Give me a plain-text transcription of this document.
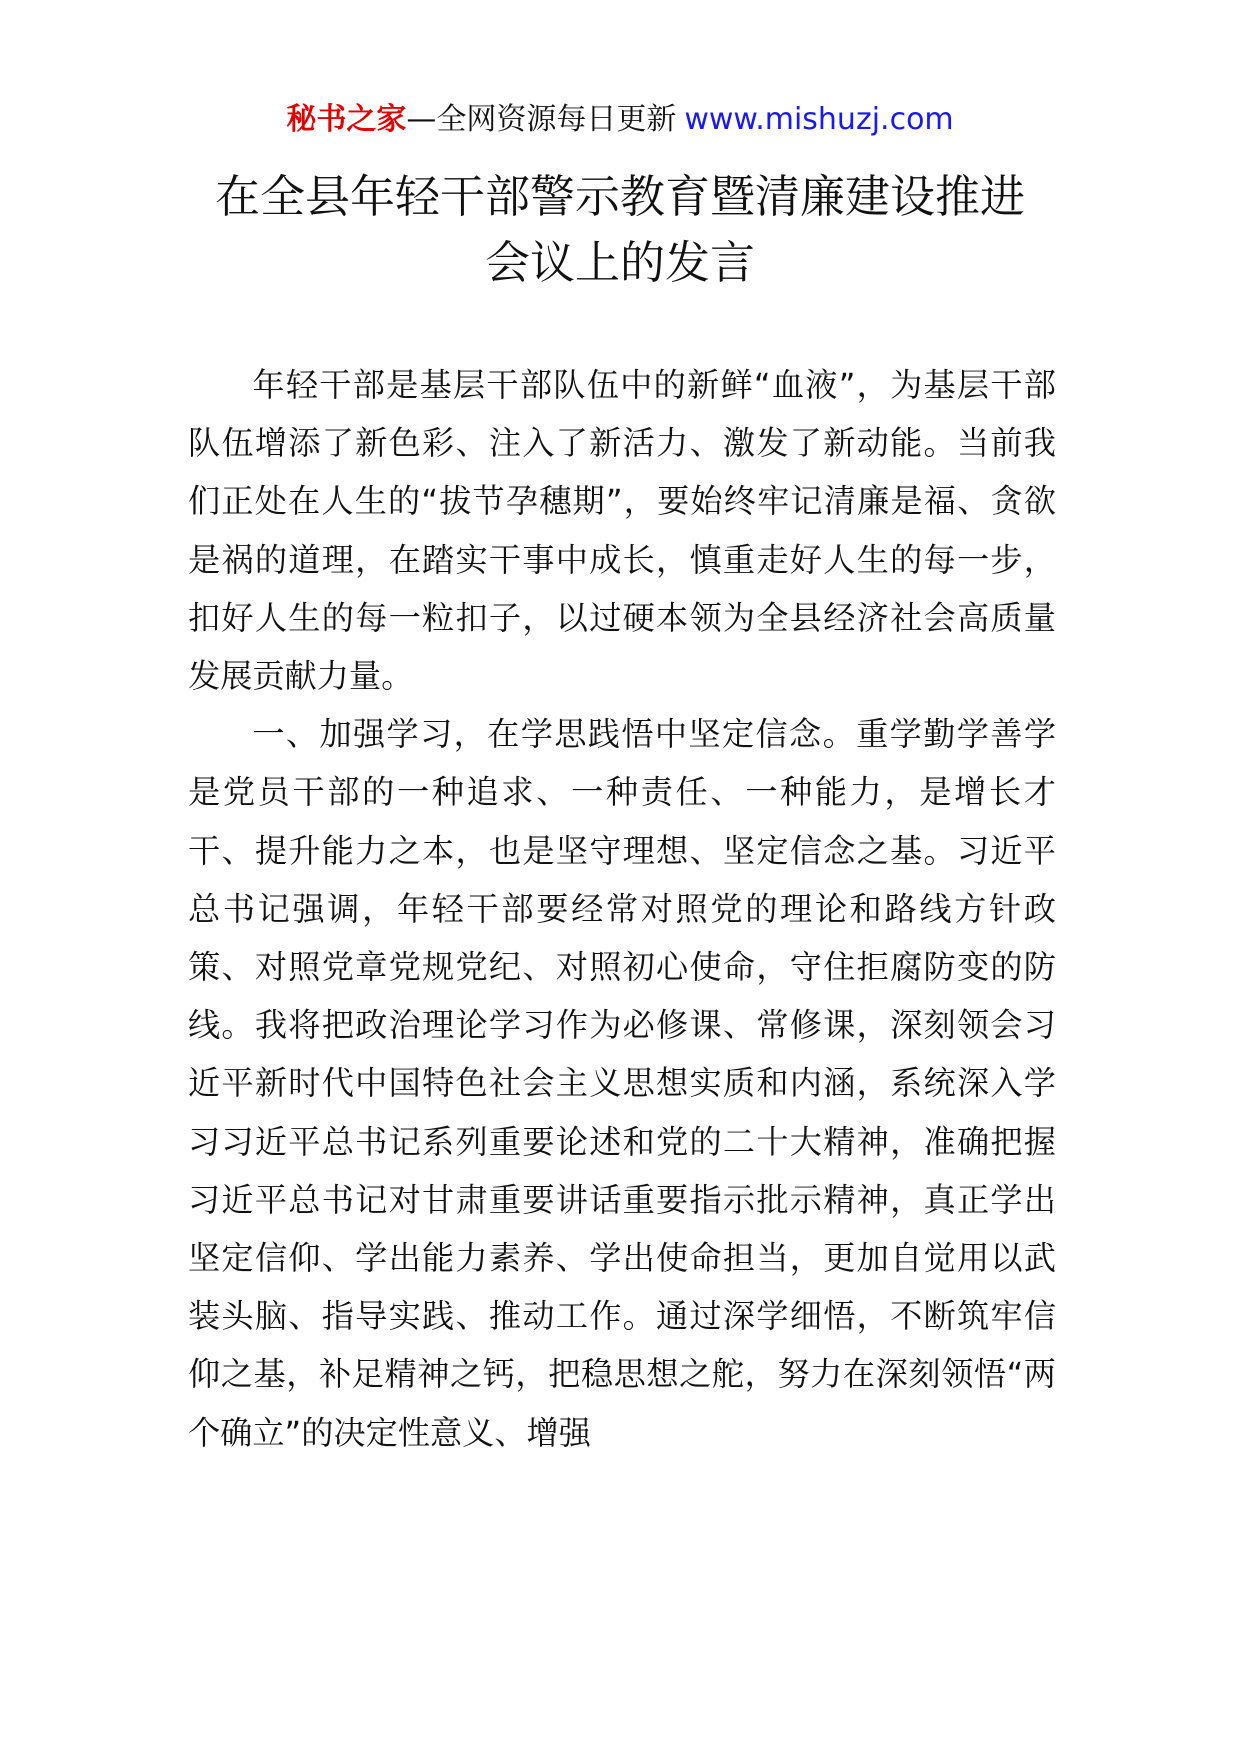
秘书之家—全网资源每日更新 www.mishuzj.com
在全县年轻干部警示教育暨清廉建设推进
会议上的发言

年轻干部是基层干部队伍中的新鲜“血液”，为基层干部队伍增添了新色彩、注入了新活力、激发了新动能。当前我们正处在人生的“拔节孕穗期”，要始终牢记清廉是福、贪欲是祸的道理，在踏实干事中成长，慎重走好人生的每一步，扣好人生的每一粒扣子，以过硬本领为全县经济社会高质量发展贡献力量。

一、加强学习，在学思践悟中坚定信念。重学勤学善学是党员干部的一种追求、一种责任、一种能力，是增长才干、提升能力之本，也是坚守理想、坚定信念之基。习近平总书记强调，年轻干部要经常对照党的理论和路线方针政策、对照党章党规党纪、对照初心使命，守住拒腐防变的防线。我将把政治理论学习作为必修课、常修课，深刻领会习近平新时代中国特色社会主义思想实质和内涵，系统深入学习习近平总书记系列重要论述和党的二十大精神，准确把握习近平总书记对甘肃重要讲话重要指示批示精神，真正学出坚定信仰、学出能力素养、学出使命担当，更加自觉用以武装头脑、指导实践、推动工作。通过深学细悟，不断筑牢信仰之基，补足精神之钙，把稳思想之舵，努力在深刻领悟“两个确立”的决定性意义、增强
